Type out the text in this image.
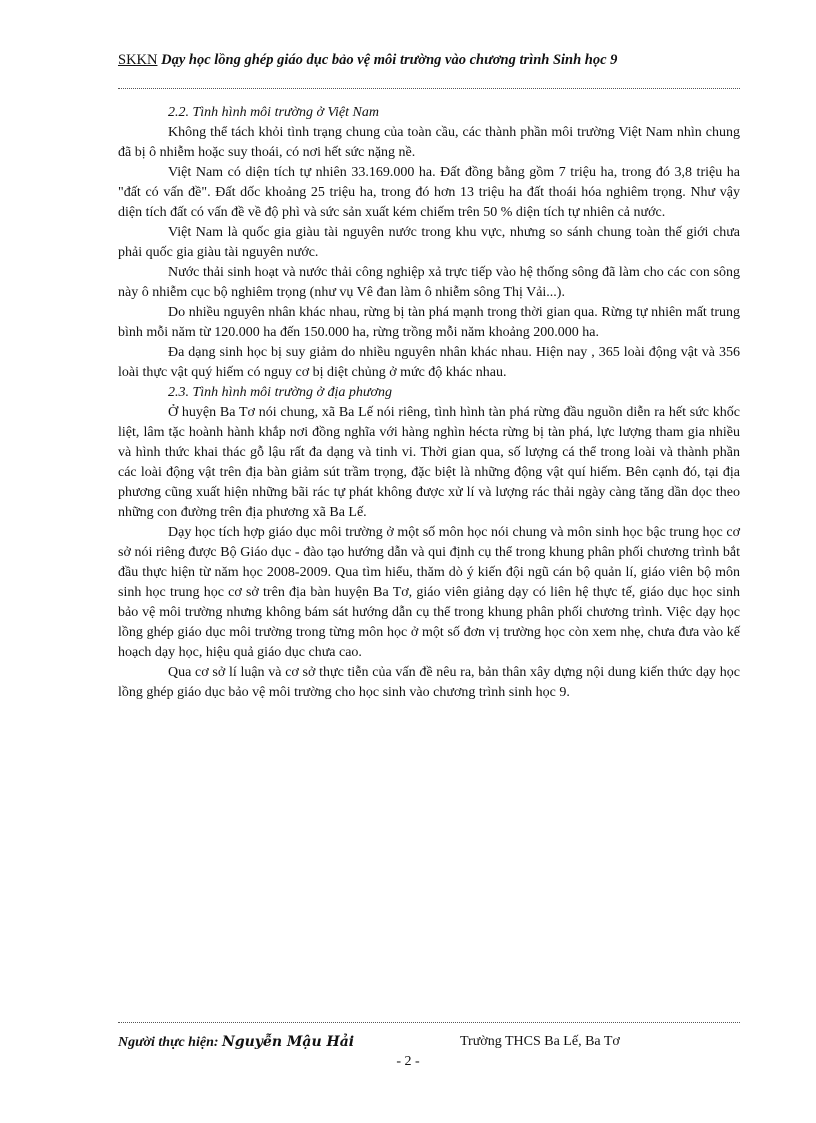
SKKN Dạy học lồng ghép giáo dục bảo vệ môi trường vào chương trình Sinh học 9
2.2. Tình hình môi trường ở Việt Nam

Không thể tách khỏi tình trạng chung của toàn cầu, các thành phần môi trường Việt Nam nhìn chung đã bị ô nhiễm hoặc suy thoái, có nơi hết sức nặng nề.

Việt Nam có diện tích tự nhiên 33.169.000 ha. Đất đồng bằng gồm 7 triệu ha, trong đó 3,8 triệu ha "đất có vấn đề". Đất dốc khoảng 25 triệu ha, trong đó hơn 13 triệu ha đất thoái hóa nghiêm trọng. Như vậy diện tích đất có vấn đề về độ phì và sức sản xuất kém chiếm trên 50 % diện tích tự nhiên cả nước.

Việt Nam là quốc gia giàu tài nguyên nước trong khu vực, nhưng so sánh chung toàn thế giới chưa phải quốc gia giàu tài nguyên nước.

Nước thải sinh hoạt và nước thải công nghiệp xả trực tiếp vào hệ thống sông đã làm cho các con sông này ô nhiễm cục bộ nghiêm trọng (như vụ Vê đan làm ô nhiễm sông Thị Vải...).

Do nhiều nguyên nhân khác nhau, rừng bị tàn phá mạnh trong thời gian qua. Rừng tự nhiên mất trung bình mỗi năm từ 120.000 ha đến 150.000 ha, rừng trồng mỗi năm khoảng 200.000 ha.

Đa dạng sinh học bị suy giảm do nhiều nguyên nhân khác nhau. Hiện nay , 365 loài động vật và 356 loài thực vật quý hiếm có nguy cơ bị diệt chủng ở mức độ khác nhau.

2.3. Tình hình môi trường ở địa phương

Ở huyện Ba Tơ nói chung, xã Ba Lế nói riêng, tình hình tàn phá rừng đầu nguồn diễn ra hết sức khốc liệt, lâm tặc hoành hành khắp nơi đồng nghĩa với hàng nghìn hécta rừng bị tàn phá, lực lượng tham gia nhiều và hình thức khai thác gỗ lậu rất đa dạng và tinh vi. Thời gian qua, số lượng cá thể trong loài và thành phần các loài động vật trên địa bàn giảm sút trầm trọng, đặc biệt là những động vật quí hiếm. Bên cạnh đó, tại địa phương cũng xuất hiện những bãi rác tự phát không được xử lí và lượng rác thải ngày càng tăng dần dọc theo những con đường trên địa phương xã Ba Lế.

Dạy học tích hợp giáo dục môi trường ở một số môn học nói chung và môn sinh học bậc trung học cơ sở nói riêng được Bộ Giáo dục - đào tạo hướng dẫn và qui định cụ thể trong khung phân phối chương trình bắt đầu thực hiện từ năm học 2008-2009. Qua tìm hiểu, thăm dò ý kiến đội ngũ cán bộ quản lí, giáo viên bộ môn sinh học trung học cơ sở trên địa bàn huyện Ba Tơ, giáo viên giảng dạy có liên hệ thực tế, giáo dục học sinh bảo vệ môi trường nhưng không bám sát hướng dẫn cụ thể trong khung phân phối chương trình. Việc dạy học lồng ghép giáo dục môi trường trong từng môn học ở một số đơn vị trường học còn xem nhẹ, chưa đưa vào kế hoạch dạy học, hiệu quả giáo dục chưa cao.

Qua cơ sở lí luận và cơ sở thực tiễn của vấn đề nêu ra, bản thân xây dựng nội dung kiến thức dạy học lồng ghép giáo dục bảo vệ môi trường cho học sinh vào chương trình sinh học 9.

Người thực hiện: Nguyễn Mậu Hải	Trường THCS Ba Lế, Ba Tơ
- 2 -
